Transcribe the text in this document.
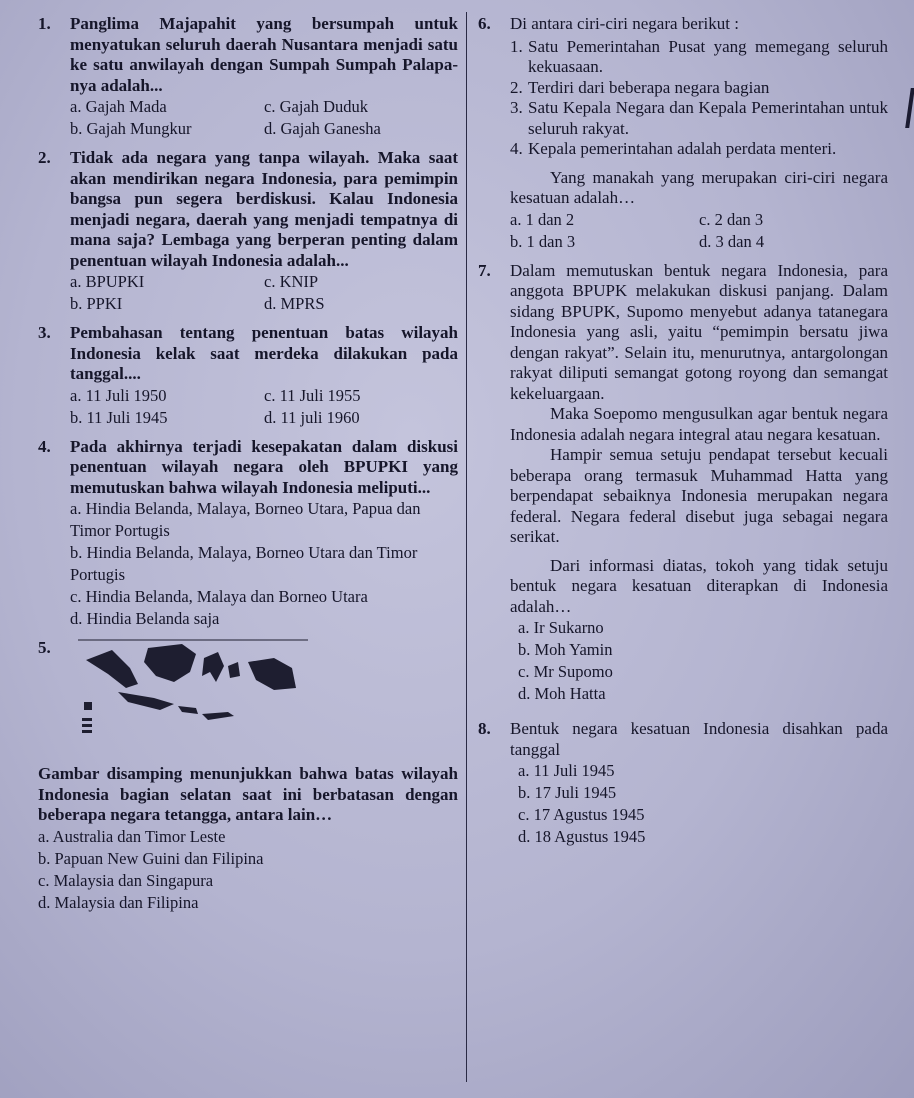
1.	Panglima Majapahit yang bersumpah untuk menyatukan seluruh daerah Nusantara menjadi satu ke satu anwilayah dengan Sumpah Sumpah Palapa-nya adalah...
a. Gajah Mada	c. Gajah Duduk
b. Gajah Mungkur	d. Gajah Ganesha
2.	Tidak ada negara yang tanpa wilayah. Maka saat akan mendirikan negara Indonesia, para pemimpin bangsa pun segera berdiskusi. Kalau Indonesia menjadi negara, daerah yang menjadi tempatnya di mana saja? Lembaga yang berperan penting dalam penentuan wilayah Indonesia adalah...
a. BPUPKI	c. KNIP
b. PPKI	d. MPRS
3.	Pembahasan tentang penentuan batas wilayah Indonesia kelak saat merdeka dilakukan pada tanggal....
a. 11 Juli 1950	c. 11 Juli 1955
b. 11 Juli 1945	d. 11 juli 1960
4.	Pada akhirnya terjadi kesepakatan dalam diskusi penentuan wilayah negara oleh BPUPKI yang memutuskan bahwa wilayah Indonesia meliputi...
a. Hindia Belanda, Malaya, Borneo Utara, Papua dan Timor Portugis
b. Hindia Belanda, Malaya, Borneo Utara dan Timor Portugis
c. Hindia Belanda, Malaya dan Borneo Utara
d. Hindia Belanda saja
5.
Gambar disamping menunjukkan bahwa batas wilayah Indonesia bagian selatan saat ini berbatasan dengan beberapa negara tetangga, antara lain…
a. Australia dan Timor Leste
b. Papuan New Guini dan Filipina
c. Malaysia dan Singapura
d. Malaysia dan Filipina
6.	Di antara ciri-ciri negara berikut :

1. Satu Pemerintahan Pusat yang memegang seluruh kekuasaan.
2. Terdiri dari beberapa negara bagian
3. Satu Kepala Negara dan Kepala Pemerintahan untuk seluruh rakyat.
4. Kepala pemerintahan adalah perdata menteri.

Yang manakah yang merupakan ciri-ciri negara kesatuan adalah…

a. 1 dan 2	c. 2 dan 3
b. 1 dan 3	d. 3 dan 4
7.	Dalam memutuskan bentuk negara Indonesia, para anggota BPUPK melakukan diskusi panjang. Dalam sidang BPUPK, Supomo menyebut adanya tatanegara Indonesia yang asli, yaitu “pemimpin bersatu jiwa dengan rakyat”. Selain itu, menurutnya, antargolongan rakyat diliputi semangat gotong royong dan semangat kekeluargaan.

Maka Soepomo mengusulkan agar bentuk negara Indonesia adalah negara integral atau negara kesatuan.

Hampir semua setuju pendapat tersebut kecuali beberapa orang termasuk Muhammad Hatta yang berpendapat sebaiknya Indonesia merupakan negara federal. Negara federal disebut juga sebagai negara serikat.

Dari informasi diatas, tokoh yang tidak setuju bentuk negara kesatuan diterapkan di Indonesia adalah…

a. Ir Sukarno
b. Moh Yamin
c. Mr Supomo
d. Moh Hatta
8.	Bentuk negara kesatuan Indonesia disahkan pada tanggal
a. 11 Juli 1945
b. 17 Juli 1945
c. 17 Agustus 1945
d. 18 Agustus 1945
